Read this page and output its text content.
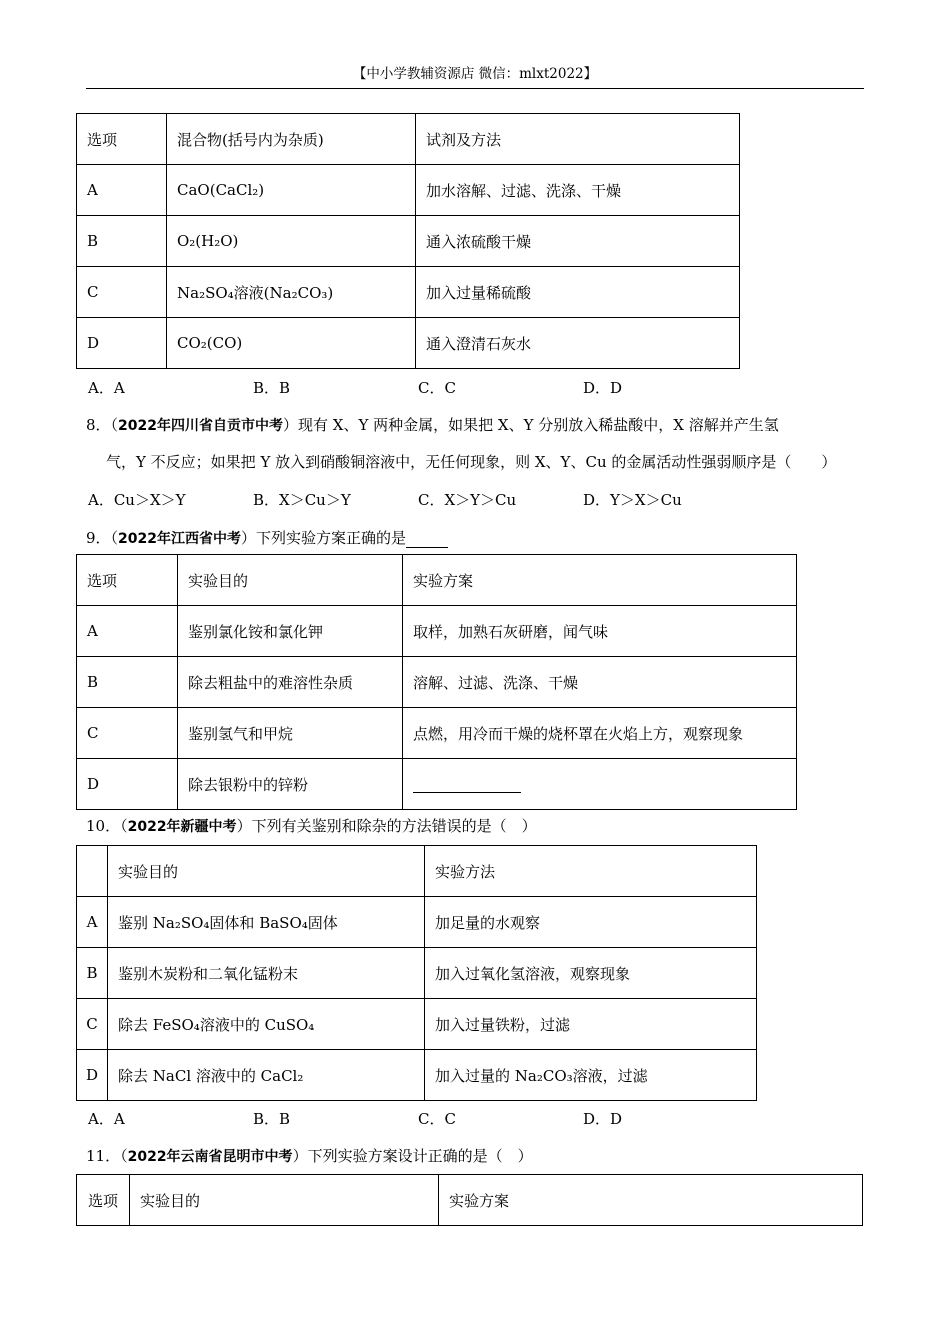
【中小学教辅资源店 微信：mlxt2022】
选项	混合物(括号内为杂质)	试剂及方法
A	CaO(CaCl₂)	加水溶解、过滤、洗涤、干燥
B	O₂(H₂O)	通入浓硫酸干燥
C	Na₂SO₄溶液(Na₂CO₃)	加入过量稀硫酸
D	CO₂(CO)	通入澄清石灰水
A．A	B．B	C．C	D．D
8．（2022年四川省自贡市中考）现有 X、Y 两种金属，如果把 X、Y 分别放入稀盐酸中，X 溶解并产生氢
气，Y 不反应；如果把 Y 放入到硝酸铜溶液中，无任何现象，则 X、Y、Cu 的金属活动性强弱顺序是（　　）
A．Cu＞X＞Y	B．X＞Cu＞Y	C．X＞Y＞Cu	D．Y＞X＞Cu
9．（2022年江西省中考）下列实验方案正确的是
选项	实验目的	实验方案
A	鉴别氯化铵和氯化钾	取样，加熟石灰研磨，闻气味
B	除去粗盐中的难溶性杂质	溶解、过滤、洗涤、干燥
C	鉴别氢气和甲烷	点燃，用冷而干燥的烧杯罩在火焰上方，观察现象
D	除去银粉中的锌粉	
10．（2022年新疆中考）下列有关鉴别和除杂的方法错误的是（　）
	实验目的	实验方法
A	鉴别 Na₂SO₄固体和 BaSO₄固体	加足量的水观察
B	鉴别木炭粉和二氧化锰粉末	加入过氧化氢溶液，观察现象
C	除去 FeSO₄溶液中的 CuSO₄	加入过量铁粉，过滤
D	除去 NaCl 溶液中的 CaCl₂	加入过量的 Na₂CO₃溶液，过滤
A．A	B．B	C．C	D．D
11．（2022年云南省昆明市中考）下列实验方案设计正确的是（　）
选项	实验目的	实验方案
